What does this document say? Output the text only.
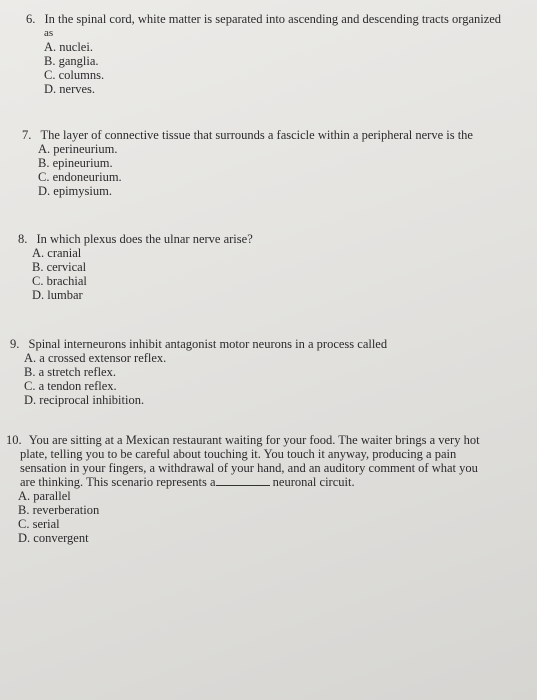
6. In the spinal cord, white matter is separated into ascending and descending tracts organized
as
A. nuclei.
B. ganglia.
C. columns.
D. nerves.
7. The layer of connective tissue that surrounds a fascicle within a peripheral nerve is the
A. perineurium.
B. epineurium.
C. endoneurium.
D. epimysium.
8. In which plexus does the ulnar nerve arise?
A. cranial
B. cervical
C. brachial
D. lumbar
9. Spinal interneurons inhibit antagonist motor neurons in a process called
A. a crossed extensor reflex.
B. a stretch reflex.
C. a tendon reflex.
D. reciprocal inhibition.
10. You are sitting at a Mexican restaurant waiting for your food. The waiter brings a very hot
plate, telling you to be careful about touching it. You touch it anyway, producing a pain
sensation in your fingers, a withdrawal of your hand, and an auditory comment of what you
are thinking. This scenario represents a	neuronal circuit.
A. parallel
B. reverberation
C. serial
D. convergent
